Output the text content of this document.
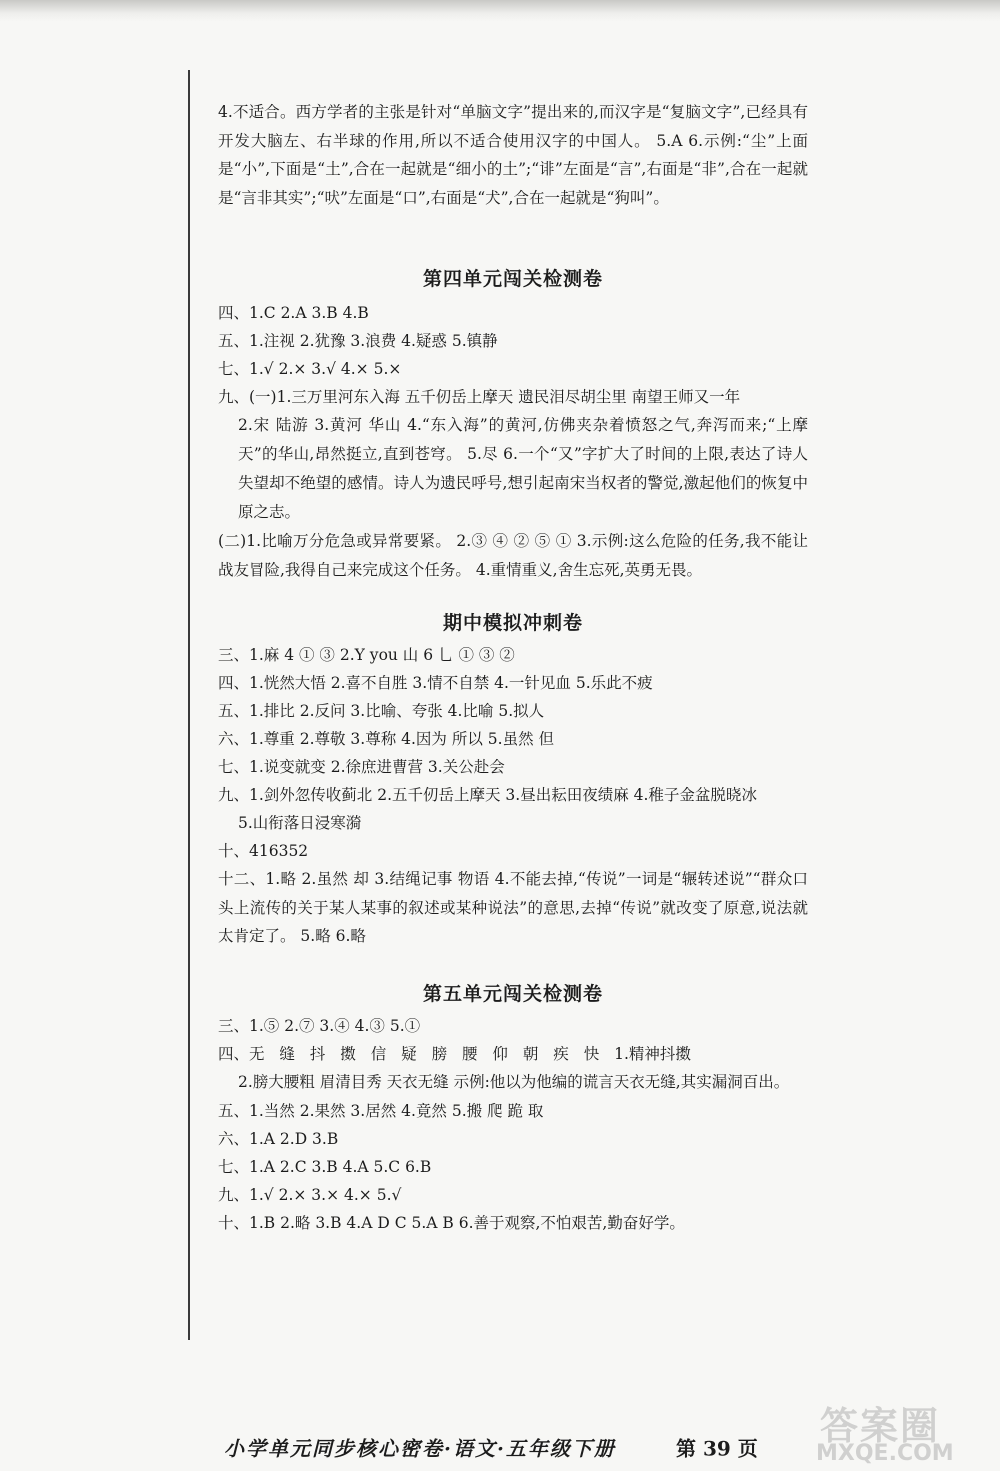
4.不适合。西方学者的主张是针对“单脑文字”提出来的,而汉字是“复脑文字”,已经具有开发大脑左、右半球的作用,所以不适合使用汉字的中国人。 5.A 6.示例:“尘”上面是“小”,下面是“土”,合在一起就是“细小的土”;“诽”左面是“言”,右面是“非”,合在一起就是“言非其实”;“吠”左面是“口”,右面是“犬”,合在一起就是“狗叫”。

第四单元闯关检测卷

四、1.C 2.A 3.B 4.B

五、1.注视 2.犹豫 3.浪费 4.疑惑 5.镇静

七、1.√ 2.× 3.√ 4.× 5.×

九、(一)1.三万里河东入海 五千仞岳上摩天 遗民泪尽胡尘里 南望王师又一年

2.宋 陆游 3.黄河 华山 4.“东入海”的黄河,仿佛夹杂着愤怒之气,奔泻而来;“上摩天”的华山,昂然挺立,直到苍穹。 5.尽 6.一个“又”字扩大了时间的上限,表达了诗人失望却不绝望的感情。诗人为遗民呼号,想引起南宋当权者的警觉,激起他们的恢复中原之志。

(二)1.比喻万分危急或异常要紧。 2.③ ④ ② ⑤ ① 3.示例:这么危险的任务,我不能让战友冒险,我得自己来完成这个任务。 4.重情重义,舍生忘死,英勇无畏。

期中模拟冲刺卷

三、1.麻 4 ① ③ 2.Y you 山 6 乚 ① ③ ②

四、1.恍然大悟 2.喜不自胜 3.情不自禁 4.一针见血 5.乐此不疲

五、1.排比 2.反问 3.比喻、夸张 4.比喻 5.拟人

六、1.尊重 2.尊敬 3.尊称 4.因为 所以 5.虽然 但

七、1.说变就变 2.徐庶进曹营 3.关公赴会

九、1.剑外忽传收蓟北 2.五千仞岳上摩天 3.昼出耘田夜绩麻 4.稚子金盆脱晓冰

5.山衔落日浸寒漪

十、416352

十二、1.略 2.虽然 却 3.结绳记事 物语 4.不能去掉,“传说”一词是“辗转述说”“群众口头上流传的关于某人某事的叙述或某种说法”的意思,去掉“传说”就改变了原意,说法就太肯定了。 5.略 6.略

第五单元闯关检测卷

三、1.⑤ 2.⑦ 3.④ 4.③ 5.①

四、无 缝 抖 擞 信 疑 膀 腰 仰 朝 疾 快 1.精神抖擞

2.膀大腰粗 眉清目秀 天衣无缝 示例:他以为他编的谎言天衣无缝,其实漏洞百出。

五、1.当然 2.果然 3.居然 4.竟然 5.搬 爬 跪 取

六、1.A 2.D 3.B

七、1.A 2.C 3.B 4.A 5.C 6.B

九、1.√ 2.× 3.× 4.× 5.√

十、1.B 2.略 3.B 4.A D C 5.A B 6.善于观察,不怕艰苦,勤奋好学。

小学单元同步核心密卷·语文·五年级下册	第 39 页
答案圈
MXQE.COM
